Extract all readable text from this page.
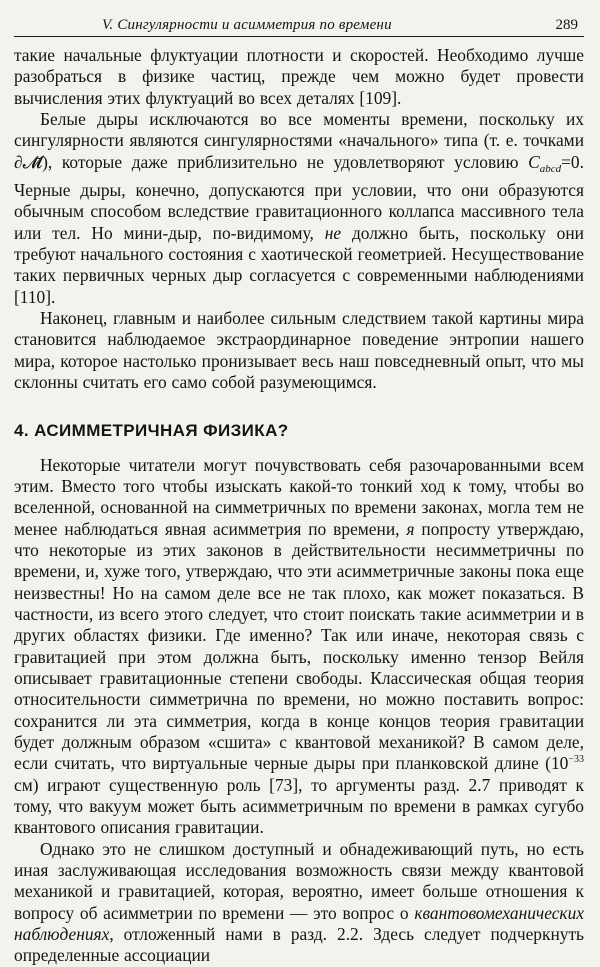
V. Сингулярности и асимметрия по времени	289

такие начальные флуктуации плотности и скоростей. Необходимо лучше разобраться в физике частиц, прежде чем можно будет провести вычисления этих флуктуаций во всех деталях [109].

Белые дыры исключаются во все моменты времени, поскольку их сингулярности являются сингулярностями «начального» типа (т. е. точками ∂𝓜̆), которые даже приблизительно не удовлетворяют условию $C_{abcd}=0$. Черные дыры, конечно, допускаются при условии, что они образуются обычным способом вследствие гравитационного коллапса массивного тела или тел. Но мини-дыр, по-видимому, не должно быть, поскольку они требуют начального состояния с хаотической геометрией. Несуществование таких первичных черных дыр согласуется с современными наблюдениями [110].

Наконец, главным и наиболее сильным следствием такой картины мира становится наблюдаемое экстраординарное поведение энтропии нашего мира, которое настолько пронизывает весь наш повседневный опыт, что мы склонны считать его само собой разумеющимся.

4. АСИММЕТРИЧНАЯ ФИЗИКА?

Некоторые читатели могут почувствовать себя разочарованными всем этим. Вместо того чтобы изыскать какой-то тонкий ход к тому, чтобы во вселенной, основанной на симметричных по времени законах, могла тем не менее наблюдаться явная асимметрия по времени, я попросту утверждаю, что некоторые из этих законов в действительности несимметричны по времени, и, хуже того, утверждаю, что эти асимметричные законы пока еще неизвестны! Но на самом деле все не так плохо, как может показаться. В частности, из всего этого следует, что стоит поискать такие асимметрии и в других областях физики. Где именно? Так или иначе, некоторая связь с гравитацией при этом должна быть, поскольку именно тензор Вейля описывает гравитационные степени свободы. Классическая общая теория относительности симметрична по времени, но можно поставить вопрос: сохранится ли эта симметрия, когда в конце концов теория гравитации будет должным образом «сшита» с квантовой механикой? В самом деле, если считать, что виртуальные черные дыры при планковской длине ($10^{-33}$ см) играют существенную роль [73], то аргументы разд. 2.7 приводят к тому, что вакуум может быть асимметричным по времени в рамках сугубо квантового описания гравитации.

Однако это не слишком доступный и обнадеживающий путь, но есть иная заслуживающая исследования возможность связи между квантовой механикой и гравитацией, которая, вероятно, имеет больше отношения к вопросу об асимметрии по времени — это вопрос о квантовомеханических наблюдениях, отложенный нами в разд. 2.2. Здесь следует подчеркнуть определенные ассоциации
